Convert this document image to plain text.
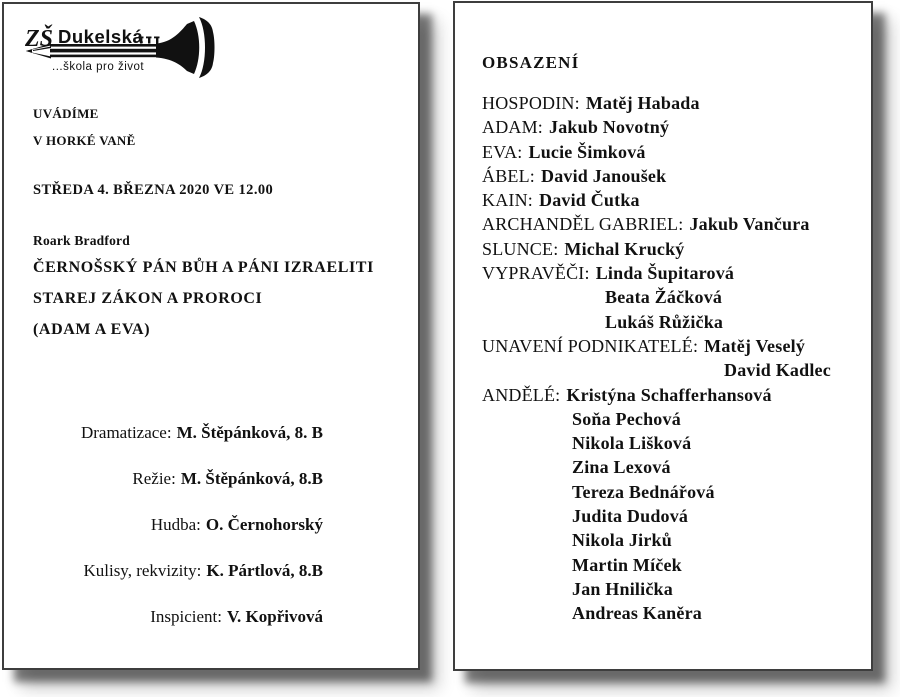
ZŠ Dukelská
...škola pro život
UVÁDÍME
V HORKÉ VANĚ
STŘEDA 4. BŘEZNA 2020 VE 12.00
Roark Bradford
ČERNOŠSKÝ PÁN BŮH A PÁNI IZRAELITI
STAREJ ZÁKON A PROROCI
(ADAM A EVA)
Dramatizace: M. Štěpánková, 8. B
Režie: M. Štěpánková, 8.B
Hudba: O. Černohorský
Kulisy, rekvizity: K. Pártlová, 8.B
Inspicient: V. Kopřivová
OBSAZENÍ
HOSPODIN: Matěj Habada
ADAM: Jakub Novotný
EVA: Lucie Šimková
ÁBEL: David Janoušek
KAIN: David Čutka
ARCHANDĚL GABRIEL: Jakub Vančura
SLUNCE: Michal Krucký
VYPRAVĚČI: Linda Šupitarová
Beata Žáčková
Lukáš Růžička
UNAVENÍ PODNIKATELÉ: Matěj Veselý
David Kadlec
ANDĚLÉ: Kristýna Schafferhansová
Soňa Pechová
Nikola Lišková
Zina Lexová
Tereza Bednářová
Judita Dudová
Nikola Jirků
Martin Míček
Jan Hnilička
Andreas Kaněra
